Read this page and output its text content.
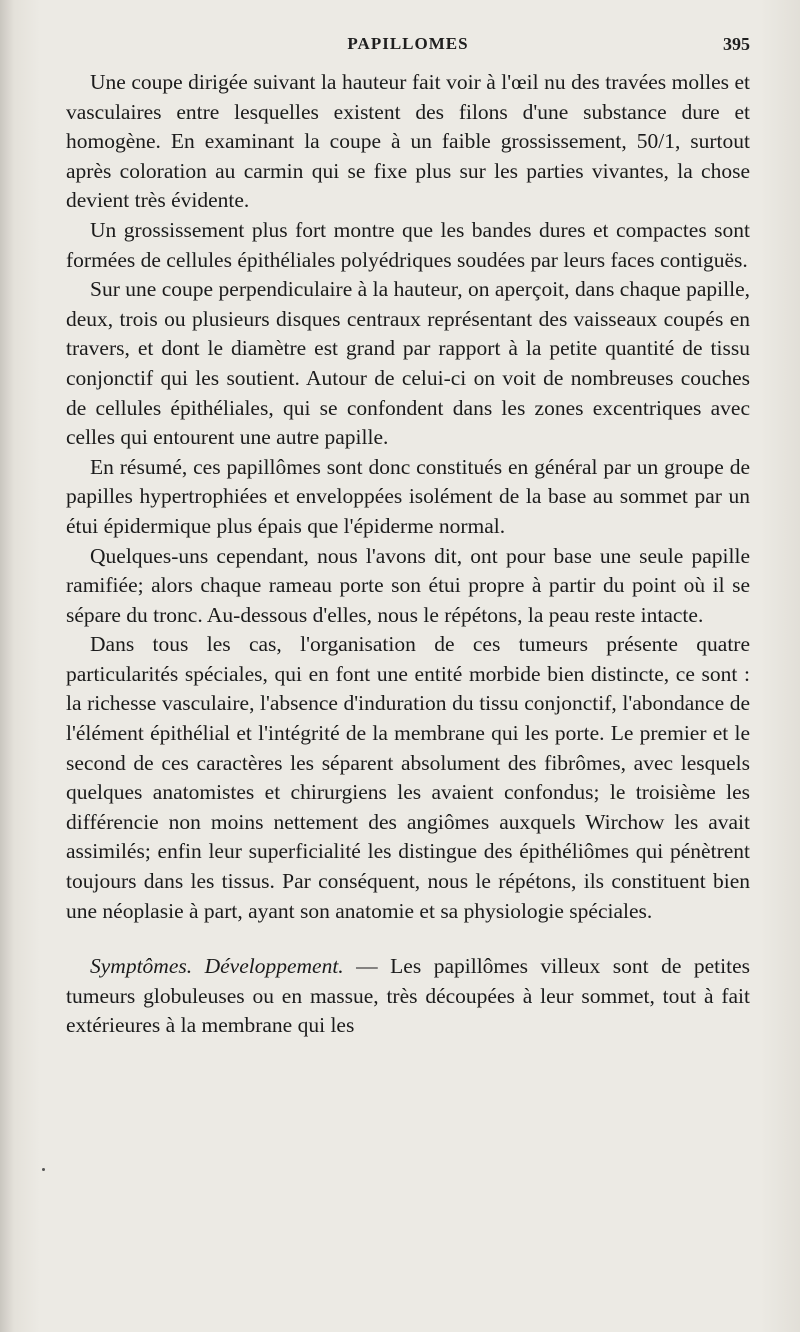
PAPILLOMES	395

Une coupe dirigée suivant la hauteur fait voir à l'œil nu des travées molles et vasculaires entre lesquelles existent des filons d'une substance dure et homogène. En examinant la coupe à un faible grossissement, 50/1, surtout après coloration au carmin qui se fixe plus sur les parties vivantes, la chose devient très évidente.

Un grossissement plus fort montre que les bandes dures et compactes sont formées de cellules épithéliales polyédriques soudées par leurs faces contiguës.

Sur une coupe perpendiculaire à la hauteur, on aperçoit, dans chaque papille, deux, trois ou plusieurs disques centraux représentant des vaisseaux coupés en travers, et dont le diamètre est grand par rapport à la petite quantité de tissu conjonctif qui les soutient. Autour de celui-ci on voit de nombreuses couches de cellules épithéliales, qui se confondent dans les zones excentriques avec celles qui entourent une autre papille.

En résumé, ces papillômes sont donc constitués en général par un groupe de papilles hypertrophiées et enveloppées isolément de la base au sommet par un étui épidermique plus épais que l'épiderme normal.

Quelques-uns cependant, nous l'avons dit, ont pour base une seule papille ramifiée; alors chaque rameau porte son étui propre à partir du point où il se sépare du tronc. Au-dessous d'elles, nous le répétons, la peau reste intacte.

Dans tous les cas, l'organisation de ces tumeurs présente quatre particularités spéciales, qui en font une entité morbide bien distincte, ce sont : la richesse vasculaire, l'absence d'induration du tissu conjonctif, l'abondance de l'élément épithélial et l'intégrité de la membrane qui les porte. Le premier et le second de ces caractères les séparent absolument des fibrômes, avec lesquels quelques anatomistes et chirurgiens les avaient confondus; le troisième les différencie non moins nettement des angiômes auxquels Wirchow les avait assimilés; enfin leur superficialité les distingue des épithéliômes qui pénètrent toujours dans les tissus. Par conséquent, nous le répétons, ils constituent bien une néoplasie à part, ayant son anatomie et sa physiologie spéciales.

Symptômes. Développement. — Les papillômes villeux sont de petites tumeurs globuleuses ou en massue, très découpées à leur sommet, tout à fait extérieures à la membrane qui les
